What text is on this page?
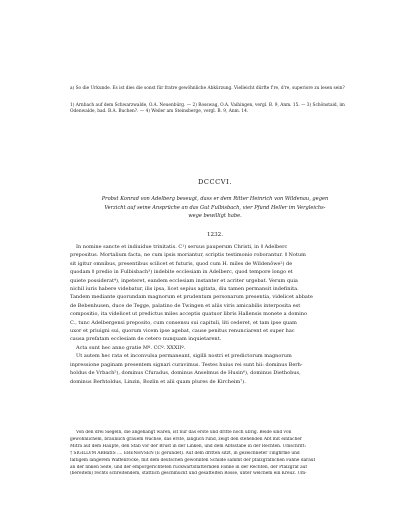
a) So die Urkunde. Es ist dies die sonst für fratre gewöhnliche Abkürzung. Vielleicht dürfte f're, d're, superiore zu lesen sein?
1) Arnbach auf dem Schwarzwalde, O.A. Neuenbürg. — 2) Rosswag, O.A. Vaihingen, vergl. B. 9, Anm. 15. — 3) Schönstaid, im Odenwalde, bad. B.A. Buchen?. — 4) Weiler am Steinsberge, vergl. B. 9, Anm. 14.
DCCCVI.
Probst Konrad von Adelberg beseugt, dass er dem Ritter Heinrich von Wildenau, gegen
Verzicht auf seine Ansprüche an das Gut Fulbisbach, vier Pfund Heller im Vergleichs-
wege bewilligt habe.
1232.
In nomine sancte et indiuidue trinitatis. C¹) seruus pauperum Christi, in ǁ Adelberc
prepositus. Mortalium facta, ne cum ipsis moriantur, scriptis testimonio roborantur. ǁ Notum
sit igitur omnibus, presentibus scilicet et futuris, quod cum H. miles de Wildenôwe²) de
quodam ǁ predio in Fulbisbach³) indebite ecclesiam in Adelberc, quod tempore longo et
quiete possiderat⁴), inpeteret, eandem ecclesiam instanter et acriter urgebat. Verum quia
nichil iuris habere videbatur, ilis ipsa, licet sepius agitata, diu tamen permansit indefinita.
Tandem mediante quorundam magnorum et prudentum personarum presentia, videlicet abbate
de Bebenhusen, duce de Tegge, palatino de Twingen et aliis viris amicabilis interposita est
compositio, ita videlicet ut predictus miles acceptis quatuor libris Hallensis monete a domino
C., tunc Adelbergensi preposito, cum consensu sui capituli, liti cederet, et tam ipse quam
uxor et priuigni sui, quorum vicem ipse agebat, cause penitus renunciarent et super hac
causa prefatam ecclesiam de cetero nunquam inquietarent.
Acta sunt hec anno gratie Mº. CCº. XXXIIº.
Ut autem hec rata et inconvulsa permaneant, sigilli nostri et predictorum magnorum
inpressione paginam presentem signari curavimus. Testes huius rei sunt hii: dominus Berh-
holdus de Vrbach⁵), dominus Cfuradus, dominus Anselmus de Husin⁶), dominus Diethobus,
dominus Berhtoldus, Linzin, Bozlin et alii quam plures de Kircheim⁷).
Von den drei Siegeln, die angehängt waren, ist nur das erste und dritte noch übrig. Beide sind von
gewöhnlichem, bräunlich grauem Wachse, das erste, länglich rund, zeigt den stehenden Abt mit einfacher
Mitra auf dem Haupte, den Stab vor der Brust in der Linken, und dem Abtsstabe in der Rechten. Umschrift:
† SIGILLVM ABBatIS .... EBENHVSEN (E gerundet). Auf dem dritten sitzt, in gezeichneter Tingfirme und
faltigem längerem Waffenrocke, mit dem deutschen gewöhnten Schilde sammt der pfalzgräflichen Fahne darauf
an der linken Seite, und der emporgerichteten rückwärtsflatternden Fahne in der Rechten, der Pfalzgraf auf
(bereitem) rechts schreitendem, stattlich geschmückt und gesattelten Rosse, unter welchem ein Kreuz. Um-
